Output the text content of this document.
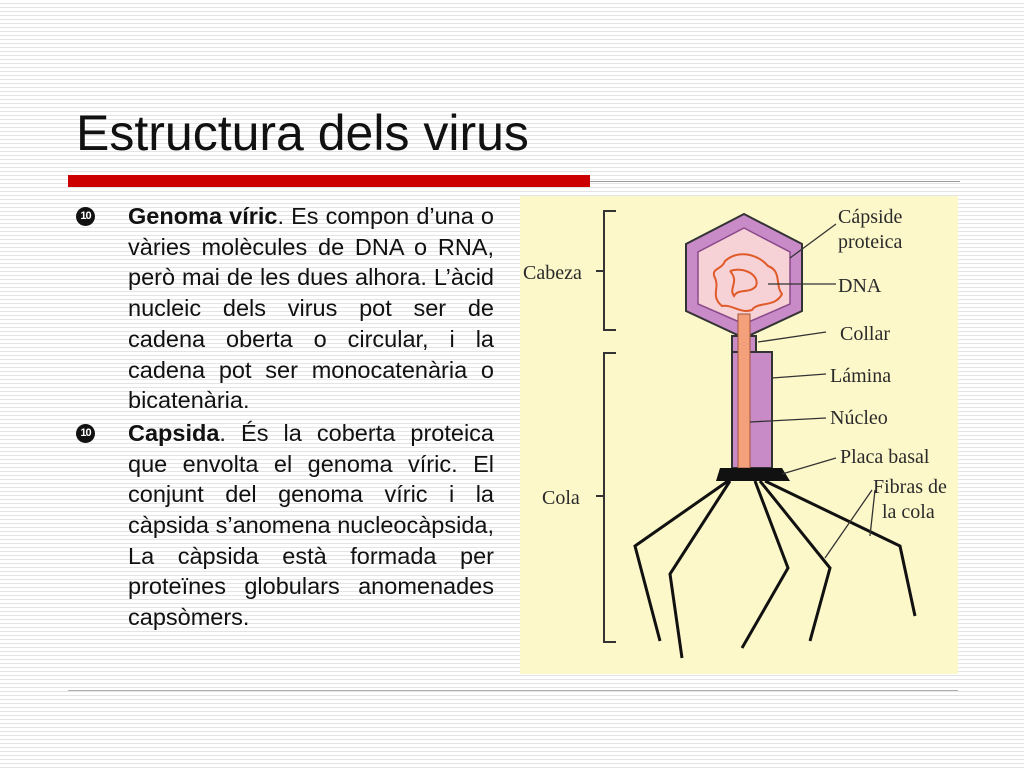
Estructura dels virus
10 Genoma víric. Es compon d’una o vàries molècules de DNA o RNA, però mai de les dues alhora. L’àcid nucleic dels virus pot ser de cadena oberta o circular, i la cadena pot ser monocatenària o bicatenària.
10 Capsida. És la coberta proteica que envolta el genoma víric. El conjunt del genoma víric i la càpsida s’anomena nucleocàpsida, La càpsida està formada per proteïnes globulars anomenades capsòmers.
Cabeza
Cola
Cápside
proteica
DNA
Collar
Lámina
Núcleo
Placa basal
Fibras de
la cola
